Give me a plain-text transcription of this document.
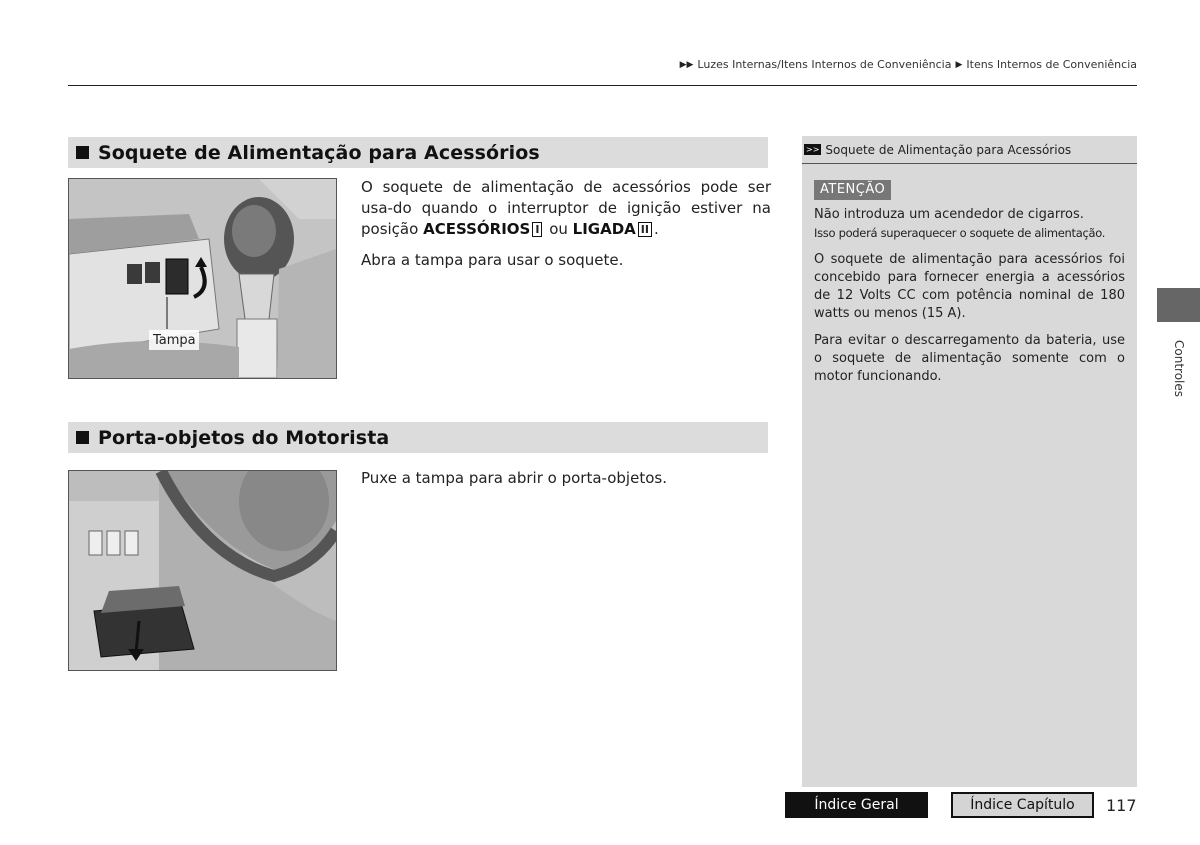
▶▶ Luzes Internas/Itens Internos de Conveniência ▶ Itens Internos de Conveniência
Soquete de Alimentação para Acessórios
Tampa

O soquete de alimentação de acessórios pode ser usa-do quando o interruptor de ignição estiver na posição ACESSÓRIOS I ou LIGADA II .

Abra a tampa para usar o soquete.

Porta-objetos do Motorista

Puxe a tampa para abrir o porta-objetos.

>> Soquete de Alimentação para Acessórios
ATENÇÃO
Não introduza um acendedor de cigarros.
Isso poderá superaquecer o soquete de alimentação.

O soquete de alimentação para acessórios foi concebido para fornecer energia a acessórios de 12 Volts CC com potência nominal de 180 watts ou menos (15 A).

Para evitar o descarregamento da bateria, use o soquete de alimentação somente com o motor funcionando.	Controles
Índice Geral	Índice Capítulo	117
